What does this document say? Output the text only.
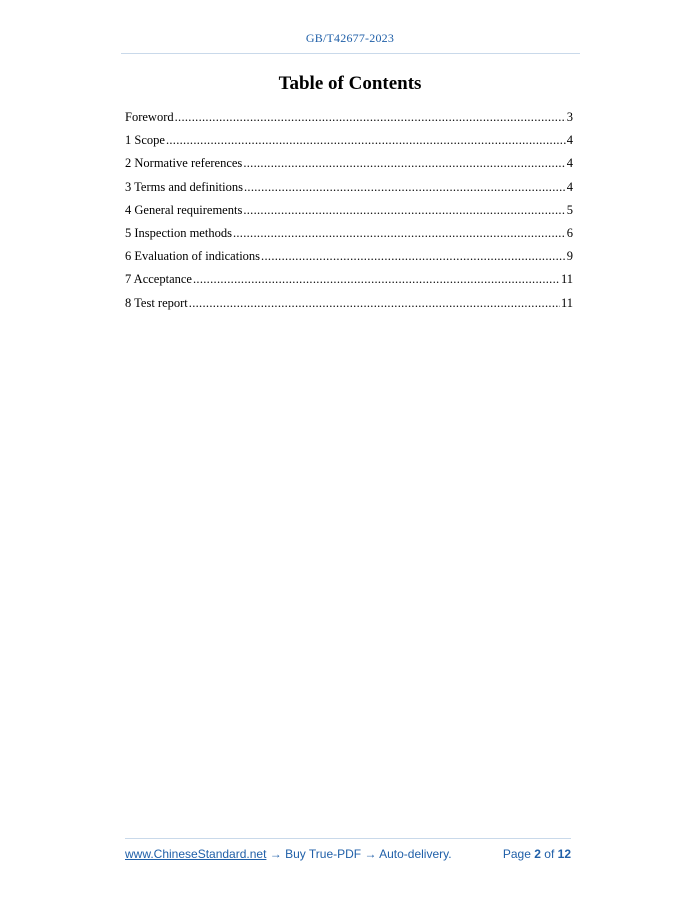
GB/T42677-2023
Table of Contents
Foreword .....	3
1 Scope .....	4
2 Normative references .....	4
3 Terms and definitions .....	4
4 General requirements .....	5
5 Inspection methods .....	6
6 Evaluation of indications .....	9
7 Acceptance .....	11
8 Test report .....	11
www.ChineseStandard.net → Buy True-PDF → Auto-delivery.	Page 2 of 12
